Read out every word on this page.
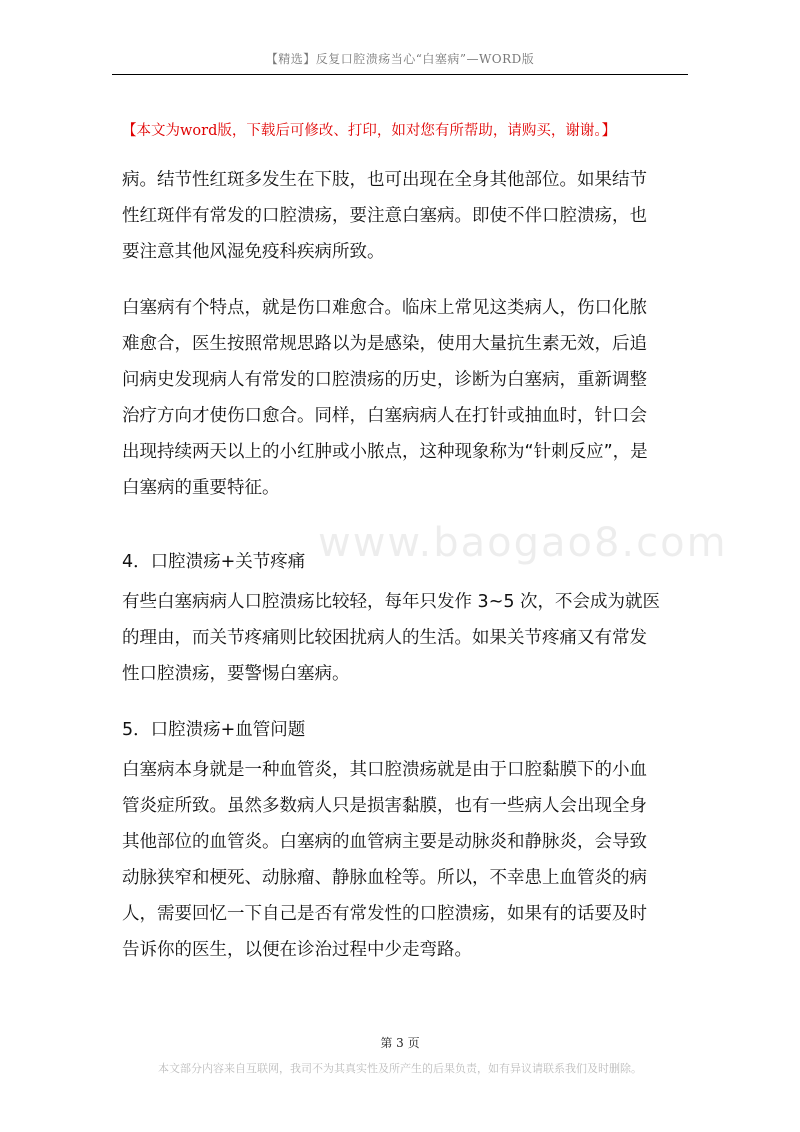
【精选】反复口腔溃疡当心“白塞病”—WORD版
【本文为word版，下载后可修改、打印，如对您有所帮助，请购买，谢谢。】
www.baogao8.com
病。结节性红斑多发生在下肢，也可出现在全身其他部位。如果结节
性红斑伴有常发的口腔溃疡，要注意白塞病。即使不伴口腔溃疡，也
要注意其他风湿免疫科疾病所致。
白塞病有个特点，就是伤口难愈合。临床上常见这类病人，伤口化脓
难愈合，医生按照常规思路以为是感染，使用大量抗生素无效，后追
问病史发现病人有常发的口腔溃疡的历史，诊断为白塞病，重新调整
治疗方向才使伤口愈合。同样，白塞病病人在打针或抽血时，针口会
出现持续两天以上的小红肿或小脓点，这种现象称为“针刺反应”，是
白塞病的重要特征。
4．口腔溃疡+关节疼痛
有些白塞病病人口腔溃疡比较轻，每年只发作 3~5 次，不会成为就医
的理由，而关节疼痛则比较困扰病人的生活。如果关节疼痛又有常发
性口腔溃疡，要警惕白塞病。
5．口腔溃疡+血管问题
白塞病本身就是一种血管炎，其口腔溃疡就是由于口腔黏膜下的小血
管炎症所致。虽然多数病人只是损害黏膜，也有一些病人会出现全身
其他部位的血管炎。白塞病的血管病主要是动脉炎和静脉炎，会导致
动脉狭窄和梗死、动脉瘤、静脉血栓等。所以，不幸患上血管炎的病
人，需要回忆一下自己是否有常发性的口腔溃疡，如果有的话要及时
告诉你的医生，以便在诊治过程中少走弯路。
第 3 页
本文部分内容来自互联网，我司不为其真实性及所产生的后果负责，如有异议请联系我们及时删除。
